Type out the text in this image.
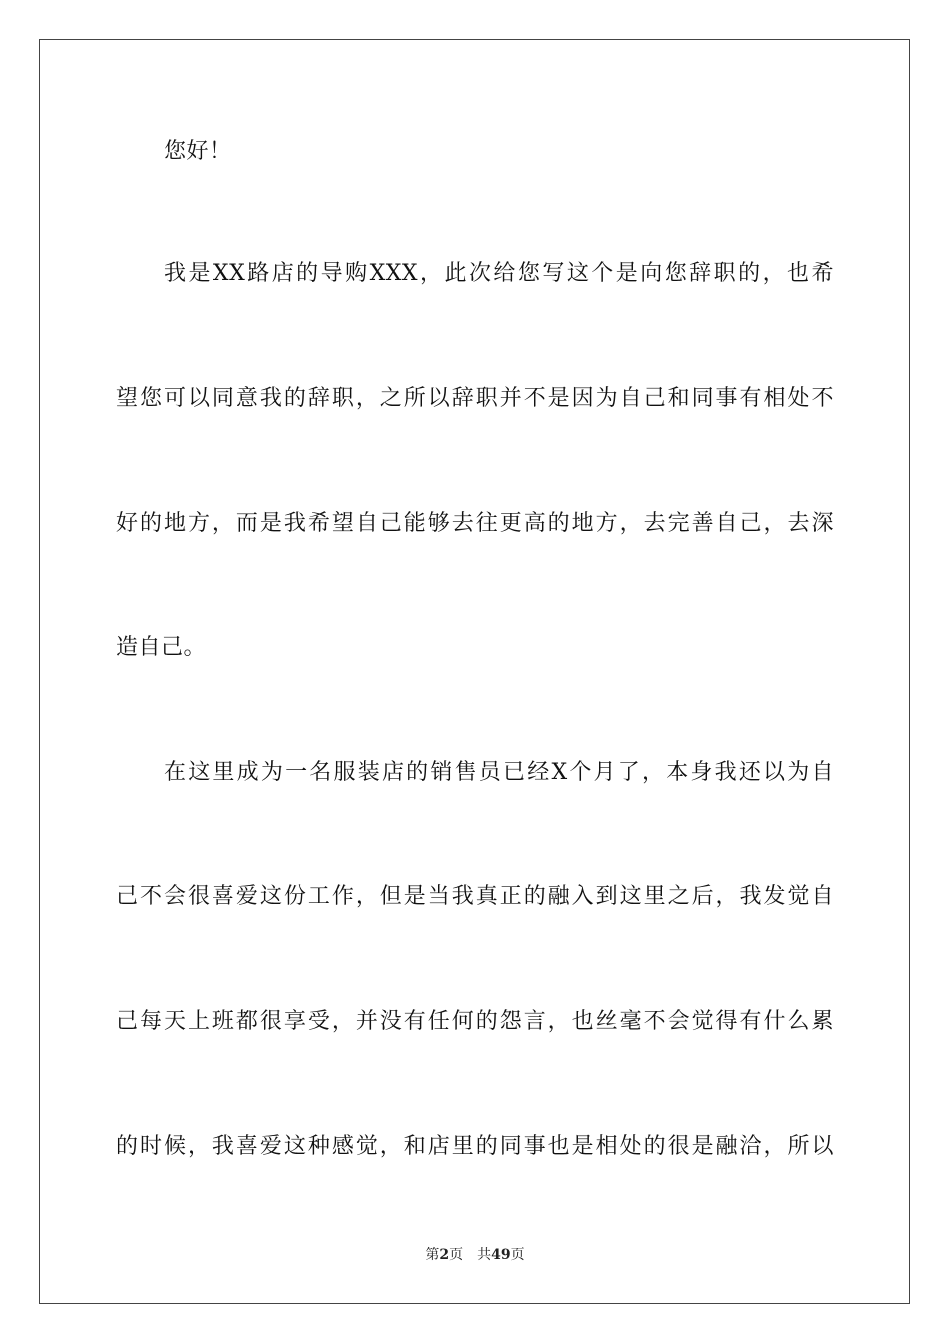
您好！
我是XX路店的导购XXX，此次给您写这个是向您辞职的，也希
望您可以同意我的辞职，之所以辞职并不是因为自己和同事有相处不
好的地方，而是我希望自己能够去往更高的地方，去完善自己，去深
造自己。
在这里成为一名服装店的销售员已经X个月了，本身我还以为自
己不会很喜爱这份工作，但是当我真正的融入到这里之后，我发觉自
己每天上班都很享受，并没有任何的怨言，也丝毫不会觉得有什么累
的时候，我喜爱这种感觉，和店里的同事也是相处的很是融洽，所以
第2页 共49页
